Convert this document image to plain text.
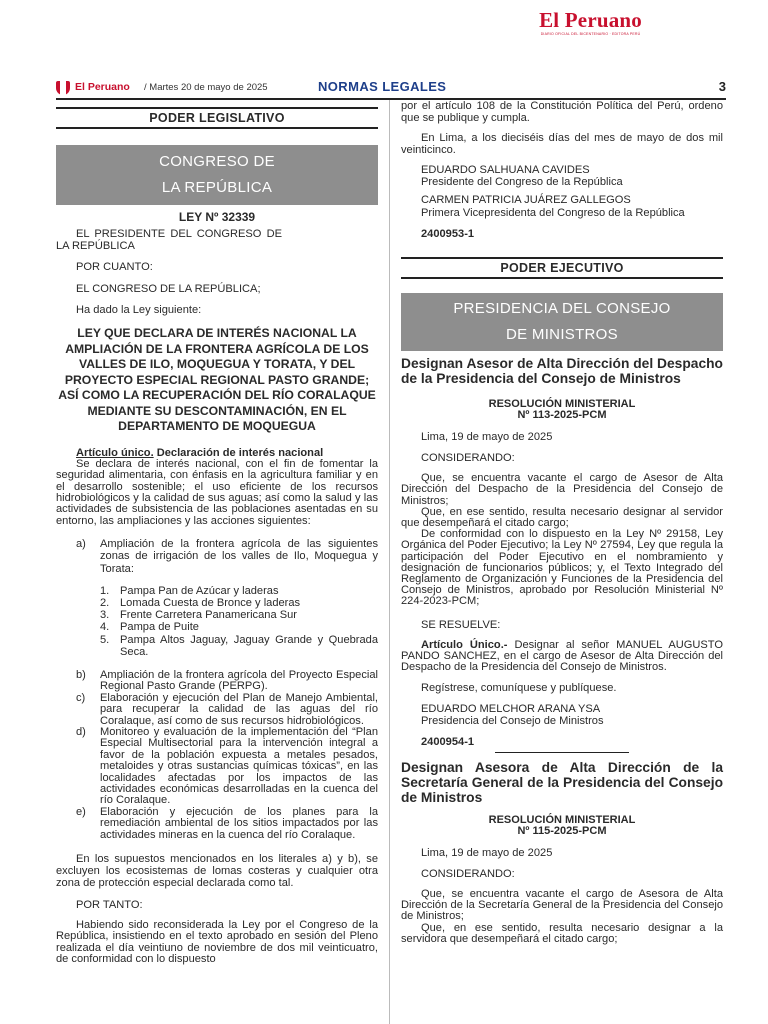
El Peruano
DIARIO OFICIAL DEL BICENTENARIO · EDITORA PERÚ
El Peruano / Martes 20 de mayo de 2025	NORMAS LEGALES	3
PODER LEGISLATIVO
CONGRESO DE
LA REPÚBLICA
LEY Nº 32339

EL PRESIDENTE DEL CONGRESO DE LA REPÚBLICA

POR CUANTO:

EL CONGRESO DE LA REPÚBLICA;

Ha dado la Ley siguiente:

LEY QUE DECLARA DE INTERÉS NACIONAL LA AMPLIACIÓN DE LA FRONTERA AGRÍCOLA DE LOS VALLES DE ILO, MOQUEGUA Y TORATA, Y DEL PROYECTO ESPECIAL REGIONAL PASTO GRANDE; ASÍ COMO LA RECUPERACIÓN DEL RÍO CORALAQUE MEDIANTE SU DESCONTAMINACIÓN, EN EL DEPARTAMENTO DE MOQUEGUA

Artículo único. Declaración de interés nacional

Se declara de interés nacional, con el fin de fomentar la seguridad alimentaria, con énfasis en la agricultura familiar y en el desarrollo sostenible; el uso eficiente de los recursos hidrobiológicos y la calidad de sus aguas; así como la salud y las actividades de subsistencia de las poblaciones asentadas en su entorno, las ampliaciones y las acciones siguientes:

a)	Ampliación de la frontera agrícola de las siguientes zonas de irrigación de los valles de Ilo, Moquegua y Torata:
1. Pampa Pan de Azúcar y laderas
2. Lomada Cuesta de Bronce y laderas
3. Frente Carretera Panamericana Sur
4. Pampa de Puite
5. Pampa Altos Jaguay, Jaguay Grande y Quebrada Seca.
b)	Ampliación de la frontera agrícola del Proyecto Especial Regional Pasto Grande (PERPG).
c)	Elaboración y ejecución del Plan de Manejo Ambiental, para recuperar la calidad de las aguas del río Coralaque, así como de sus recursos hidrobiológicos.
d)	Monitoreo y evaluación de la implementación del “Plan Especial Multisectorial para la intervención integral a favor de la población expuesta a metales pesados, metaloides y otras sustancias químicas tóxicas”, en las localidades afectadas por los impactos de las actividades económicas desarrolladas en la cuenca del río Coralaque.
e)	Elaboración y ejecución de los planes para la remediación ambiental de los sitios impactados por las actividades mineras en la cuenca del río Coralaque.

En los supuestos mencionados en los literales a) y b), se excluyen los ecosistemas de lomas costeras y cualquier otra zona de protección especial declarada como tal.

POR TANTO:

Habiendo sido reconsiderada la Ley por el Congreso de la República, insistiendo en el texto aprobado en sesión del Pleno realizada el día veintiuno de noviembre de dos mil veinticuatro, de conformidad con lo dispuesto

por el artículo 108 de la Constitución Política del Perú, ordeno que se publique y cumpla.

En Lima, a los dieciséis días del mes de mayo de dos mil veinticinco.

EDUARDO SALHUANA CAVIDES
Presidente del Congreso de la República
CARMEN PATRICIA JUÁREZ GALLEGOS
Primera Vicepresidenta del Congreso de la República
2400953-1
PODER EJECUTIVO
PRESIDENCIA DEL CONSEJO
DE MINISTROS
Designan Asesor de Alta Dirección del Despacho de la Presidencia del Consejo de Ministros
RESOLUCIÓN MINISTERIAL
Nº 113-2025-PCM

Lima, 19 de mayo de 2025

CONSIDERANDO:

Que, se encuentra vacante el cargo de Asesor de Alta Dirección del Despacho de la Presidencia del Consejo de Ministros;

Que, en ese sentido, resulta necesario designar al servidor que desempeñará el citado cargo;

De conformidad con lo dispuesto en la Ley Nº 29158, Ley Orgánica del Poder Ejecutivo; la Ley Nº 27594, Ley que regula la participación del Poder Ejecutivo en el nombramiento y designación de funcionarios públicos; y, el Texto Integrado del Reglamento de Organización y Funciones de la Presidencia del Consejo de Ministros, aprobado por Resolución Ministerial Nº 224-2023-PCM;

SE RESUELVE:

Artículo Único.- Designar al señor MANUEL AUGUSTO PANDO SANCHEZ, en el cargo de Asesor de Alta Dirección del Despacho de la Presidencia del Consejo de Ministros.

Regístrese, comuníquese y publíquese.

EDUARDO MELCHOR ARANA YSA
Presidencia del Consejo de Ministros
2400954-1
Designan Asesora de Alta Dirección de la Secretaría General de la Presidencia del Consejo de Ministros
RESOLUCIÓN MINISTERIAL
Nº 115-2025-PCM

Lima, 19 de mayo de 2025

CONSIDERANDO:

Que, se encuentra vacante el cargo de Asesora de Alta Dirección de la Secretaría General de la Presidencia del Consejo de Ministros;

Que, en ese sentido, resulta necesario designar a la servidora que desempeñará el citado cargo;
